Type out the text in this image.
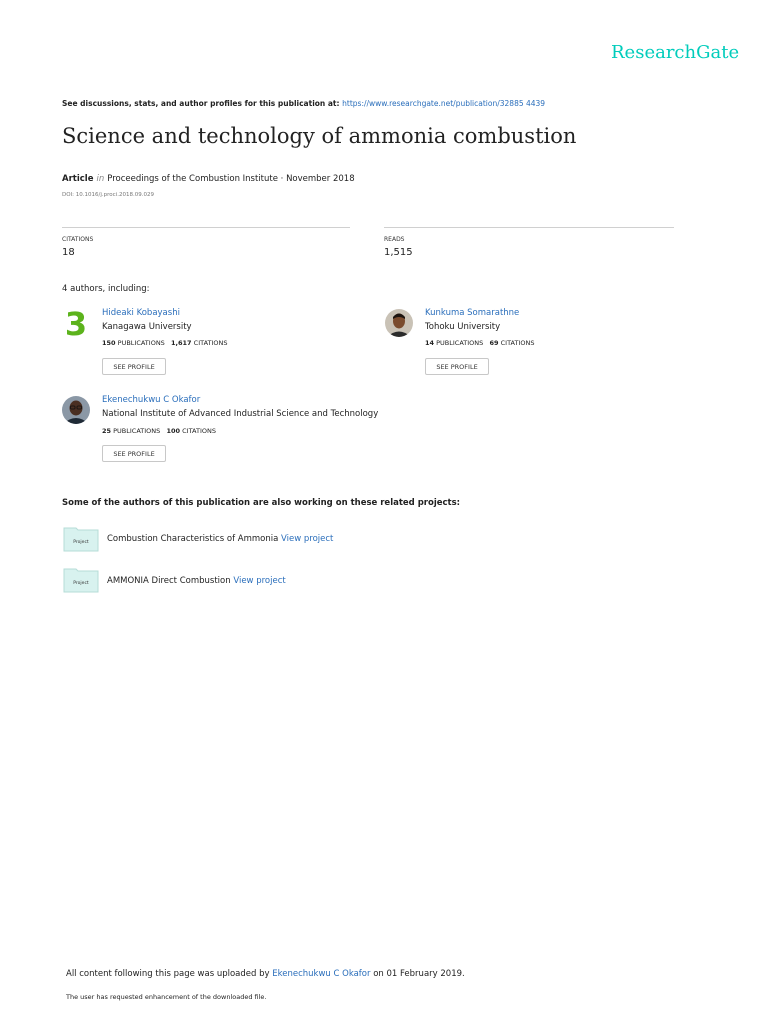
ResearchGate
See discussions, stats, and author profiles for this publication at: https://www.researchgate.net/publication/32885 4439
Science and technology of ammonia combustion
Article in Proceedings of the Combustion Institute · November 2018
DOI: 10.1016/j.proci.2018.09.029
CITATIONS
18
READS
1,515
4 authors, including:
3 Hideaki Kobayashi
Kanagawa University
150 PUBLICATIONS 1,617 CITATIONS
SEE PROFILE
Kunkuma Somarathne
Tohoku University
14 PUBLICATIONS 69 CITATIONS
SEE PROFILE
Ekenechukwu C Okafor
National Institute of Advanced Industrial Science and Technology
25 PUBLICATIONS 100 CITATIONS
SEE PROFILE
Some of the authors of this publication are also working on these related projects:
Project Combustion Characteristics of Ammonia View project
Project AMMONIA Direct Combustion View project
All content following this page was uploaded by Ekenechukwu C Okafor on 01 February 2019.
The user has requested enhancement of the downloaded file.
